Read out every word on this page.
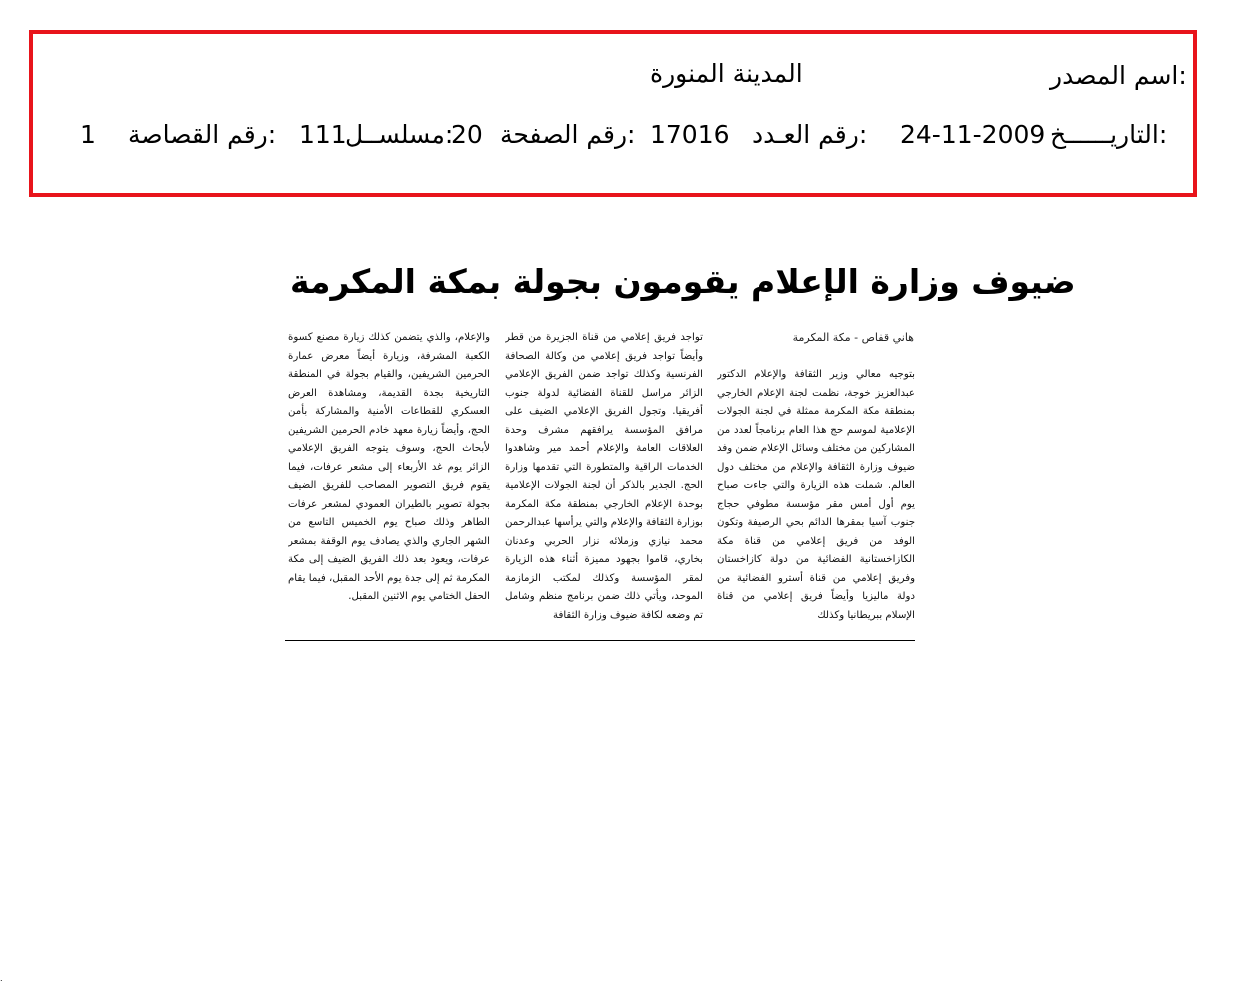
اسم المصدر:
المدينة المنورة
التاريــــــخ:
24-11-2009
رقم العـدد:
17016
رقم الصفحة:
20
مسلســل:
111
رقم القصاصة:
1
ضيوف وزارة الإعلام يقومون بجولة بمكة المكرمة
هاني قفاص - مكة المكرمة
بتوجيه معالي وزير الثقافة والإعلام الدكتور عبدالعزيز خوجة، نظمت لجنة الإعلام الخارجي بمنطقة مكة المكرمة ممثلة في لجنة الجولات الإعلامية لموسم حج هذا العام برنامجاً لعدد من المشاركين من مختلف وسائل الإعلام ضمن وفد ضيوف وزارة الثقافة والإعلام من مختلف دول العالم. شملت هذه الزيارة والتي جاءت صباح يوم أول أمس مقر مؤسسة مطوفي حجاج جنوب آسيا بمقرها الدائم بحي الرصيفة وتكون الوفد من فريق إعلامي من قناة مكة الكازاخستانية الفضائية من دولة كازاخستان وفريق إعلامي من قناة أسترو الفضائية من دولة ماليزيا وأيضاً فريق إعلامي من قناة الإسلام ببريطانيا وكذلك
تواجد فريق إعلامي من قناة الجزيرة من قطر وأيضاً تواجد فريق إعلامي من وكالة الصحافة الفرنسية وكذلك تواجد ضمن الفريق الإعلامي الزائر مراسل للقناة الفضائية لدولة جنوب أفريقيا. وتجول الفريق الإعلامي الضيف على مرافق المؤسسة يرافقهم مشرف وحدة العلاقات العامة والإعلام أحمد مير وشاهدوا الخدمات الراقية والمتطورة التي تقدمها وزارة الحج. الجدير بالذكر أن لجنة الجولات الإعلامية بوحدة الإعلام الخارجي بمنطقة مكة المكرمة بوزارة الثقافة والإعلام والتي يرأسها عبدالرحمن محمد نيازي وزملائه نزار الحربي وعدنان بخاري، قاموا بجهود مميزة أثناء هذه الزيارة لمقر المؤسسة وكذلك لمكتب الزمازمة الموحد، ويأتي ذلك ضمن برنامج منظم وشامل تم وضعه لكافة ضيوف وزارة الثقافة
والإعلام، والذي يتضمن كذلك زيارة مصنع كسوة الكعبة المشرفة، وزيارة أيضاً معرض عمارة الحرمين الشريفين، والقيام بجولة في المنطقة التاريخية بجدة القديمة، ومشاهدة العرض العسكري للقطاعات الأمنية والمشاركة بأمن الحج، وأيضاً زيارة معهد خادم الحرمين الشريفين لأبحاث الحج، وسوف يتوجه الفريق الإعلامي الزائر يوم غد الأربعاء إلى مشعر عرفات، فيما يقوم فريق التصوير المصاحب للفريق الضيف بجولة تصوير بالطيران العمودي لمشعر عرفات الطاهر وذلك صباح يوم الخميس التاسع من الشهر الجاري والذي يصادف يوم الوقفة بمشعر عرفات، ويعود بعد ذلك الفريق الضيف إلى مكة المكرمة ثم إلى جدة يوم الأحد المقبل، فيما يقام الحفل الختامي يوم الاثنين المقبل.
.
